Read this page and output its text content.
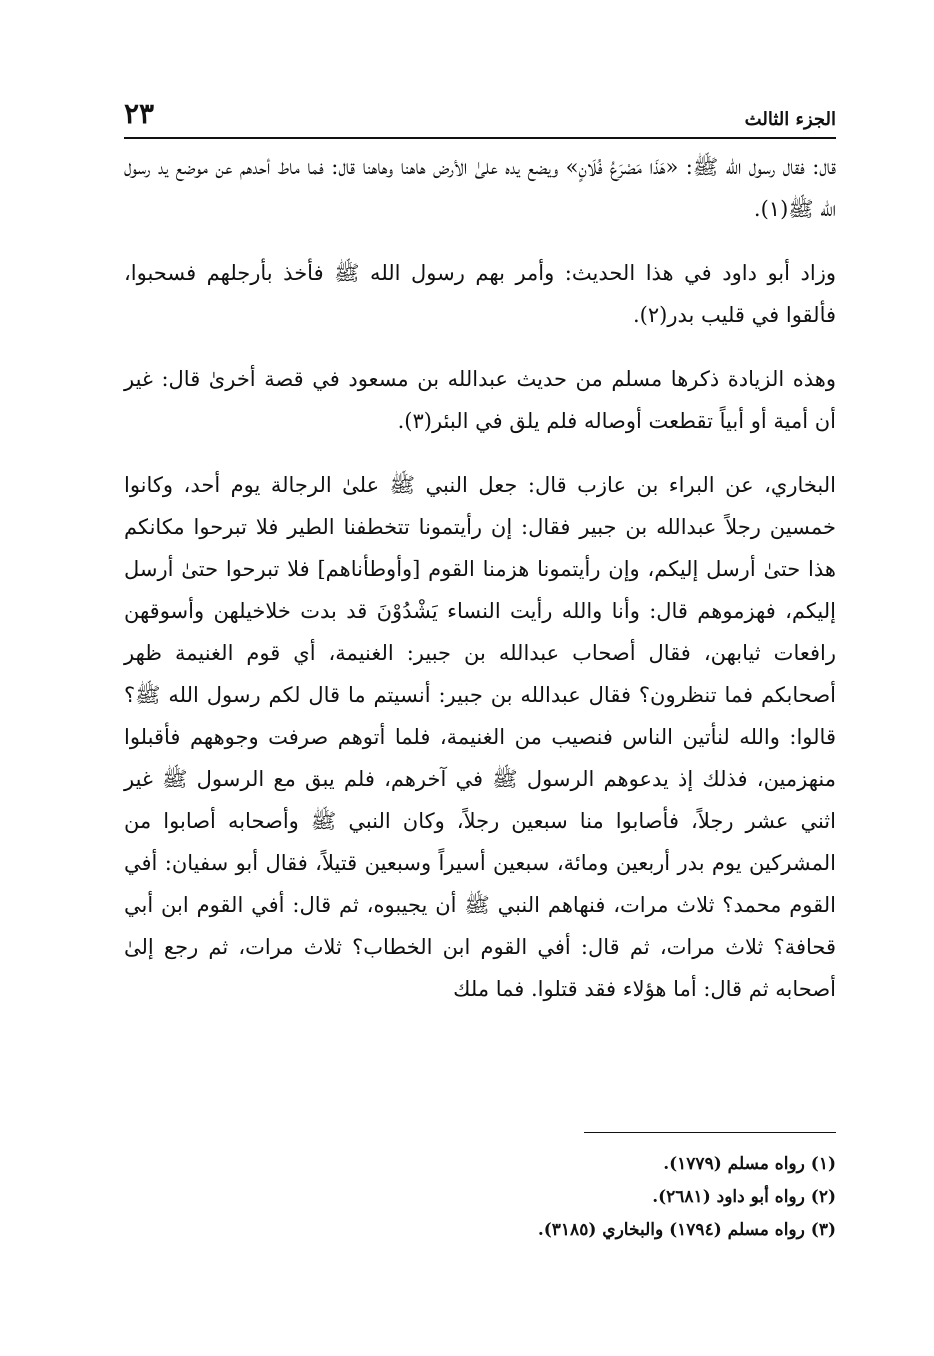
الجزء الثالث
٢٣

قال: فقال رسول الله ﷺ: «هَذَا مَصْرَعُ فُلَانٍ» ويضع يده علىٰ الأرض هاهنا وهاهنا قال: فما ماط أحدهم عن موضع يد رسول الله ﷺ(١).

وزاد أبو داود في هذا الحديث: وأمر بهم رسول الله ﷺ فأخذ بأرجلهم فسحبوا، فألقوا في قليب بدر(٢).

وهذه الزيادة ذكرها مسلم من حديث عبدالله بن مسعود في قصة أخرىٰ قال: غير أن أمية أو أبياً تقطعت أوصاله فلم يلق في البئر(٣).

البخاري، عن البراء بن عازب قال: جعل النبي ﷺ علىٰ الرجالة يوم أحد، وكانوا خمسين رجلاً عبدالله بن جبير فقال: إن رأيتمونا تتخطفنا الطير فلا تبرحوا مكانكم هذا حتىٰ أرسل إليكم، وإن رأيتمونا هزمنا القوم [وأوطأناهم] فلا تبرحوا حتىٰ أرسل إليكم، فهزموهم قال: وأنا والله رأيت النساء يَشْدُوْنَ قد بدت خلاخيلهن وأسوقهن رافعات ثيابهن، فقال أصحاب عبدالله بن جبير: الغنيمة، أي قوم الغنيمة ظهر أصحابكم فما تنظرون؟ فقال عبدالله بن جبير: أنسيتم ما قال لكم رسول الله ﷺ؟ قالوا: والله لنأتين الناس فنصيب من الغنيمة، فلما أتوهم صرفت وجوههم فأقبلوا منهزمين، فذلك إذ يدعوهم الرسول ﷺ في آخرهم، فلم يبق مع الرسول ﷺ غير اثني عشر رجلاً، فأصابوا منا سبعين رجلاً، وكان النبي ﷺ وأصحابه أصابوا من المشركين يوم بدر أربعين ومائة، سبعين أسيراً وسبعين قتيلاً، فقال أبو سفيان: أفي القوم محمد؟ ثلاث مرات، فنهاهم النبي ﷺ أن يجيبوه، ثم قال: أفي القوم ابن أبي قحافة؟ ثلاث مرات، ثم قال: أفي القوم ابن الخطاب؟ ثلاث مرات، ثم رجع إلىٰ أصحابه ثم قال: أما هؤلاء فقد قتلوا. فما ملك

(١) رواه مسلم (١٧٧٩).
(٢) رواه أبو داود (٢٦٨١).
(٣) رواه مسلم (١٧٩٤) والبخاري (٣١٨٥).
